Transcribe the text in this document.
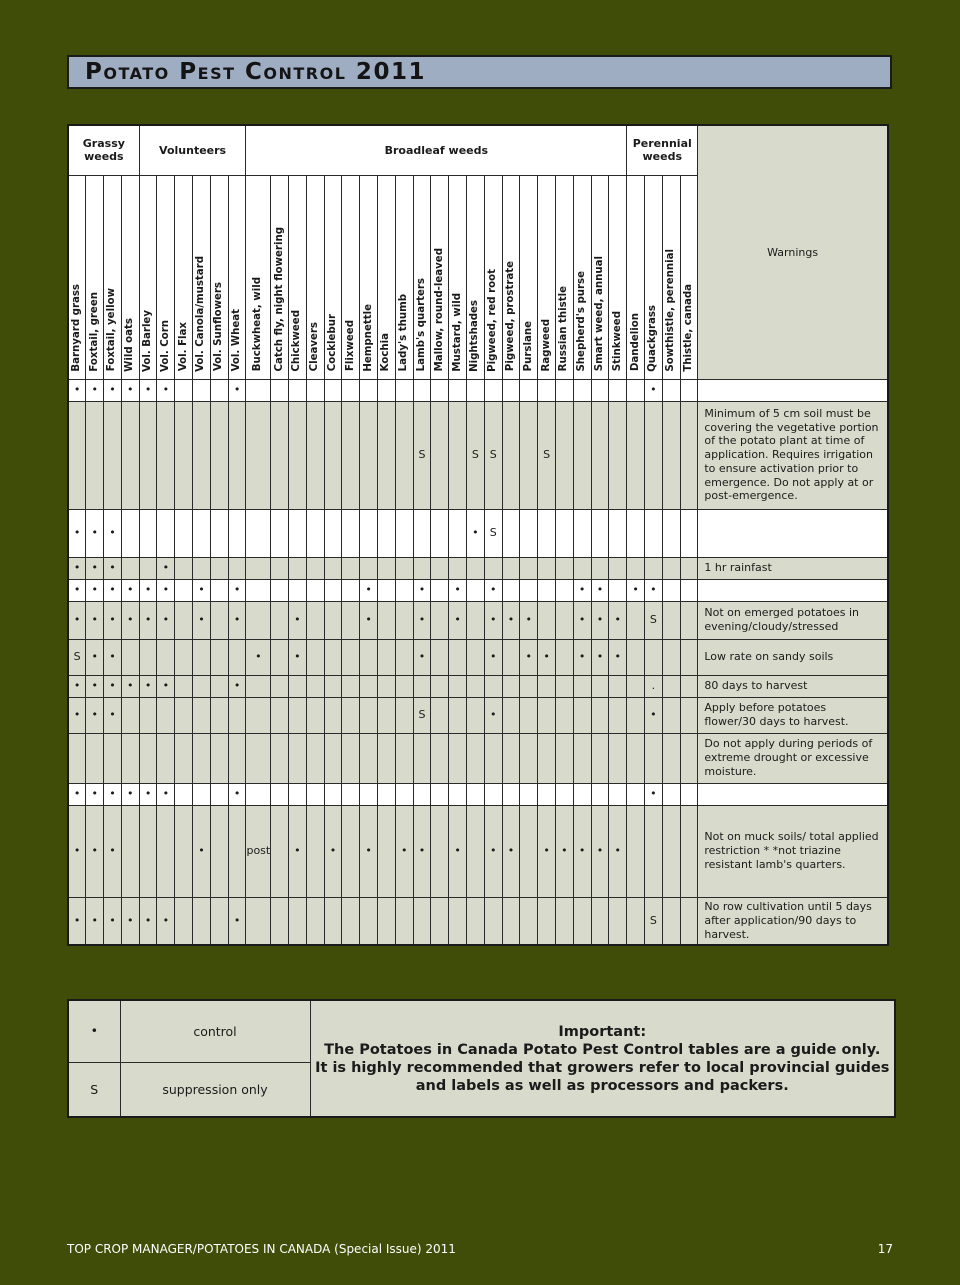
Potato Pest Control 2011
Grassy weeds				Volunteers						Broadleaf weeds																					Perennial weeds				Warnings
Barnyard grass	Foxtail, green	Foxtail, yellow	Wild oats	Vol. Barley	Vol. Corn	Vol. Flax	Vol. Canola/mustard	Vol. Sunflowers	Vol. Wheat	Buckwheat, wild	Catch fly, night flowering	Chickweed	Cleavers	Cocklebur	Flixweed	Hempnettle	Kochia	Lady's thumb	Lamb's quarters	Mallow, round-leaved	Mustard, wild	Nightshades	Pigweed, red root	Pigweed, prostrate	Purslane	Ragweed	Russian thistle	Shepherd's purse	Smart weed, annual	Stinkweed	Dandelion	Quackgrass	Sowthistle, perennial	Thistle, canada	
•	•	•	•	•	•				•																							•			
																			S			S	S			S									Minimum of 5 cm soil must be covering the vegetative portion of the potato plant at time of application. Requires irrigation to ensure activation prior to emergence. Do not apply at or post-emergence.
•	•	•																				•	S												
•	•	•			•																														1 hr rainfast
•	•	•	•	•	•		•		•							•			•		•		•					•	•		•	•			
•	•	•	•	•	•		•		•			•				•			•		•		•	•	•			•	•	•		S			Not on emerged potatoes in evening/cloudy/stressed
S	•	•								•		•							•				•		•	•		•	•	•					Low rate on sandy soils
•	•	•	•	•	•				•																							.			80 days to harvest
•	•	•																	S				•									•			Apply before potatoes flower/30 days to harvest.
																																			Do not apply during periods of extreme drought or excessive moisture.
•	•	•	•	•	•				•																							•			
•	•	•					•			post		•		•		•		•	•		•		•	•		•	•	•	•	•					Not on muck soils/ total applied restriction * *not triazine resistant lamb's quarters.
•	•	•	•	•	•				•																							S			No row cultivation until 5 days after application/90 days to harvest.
•	control	Important:
The Potatoes in Canada Potato Pest Control tables are a guide only.
It is highly recommended that growers refer to local provincial guides
and labels as well as processors and packers.

S	suppression only	
TOP CROP MANAGER/POTATOES IN CANADA (Special Issue) 2011	17
